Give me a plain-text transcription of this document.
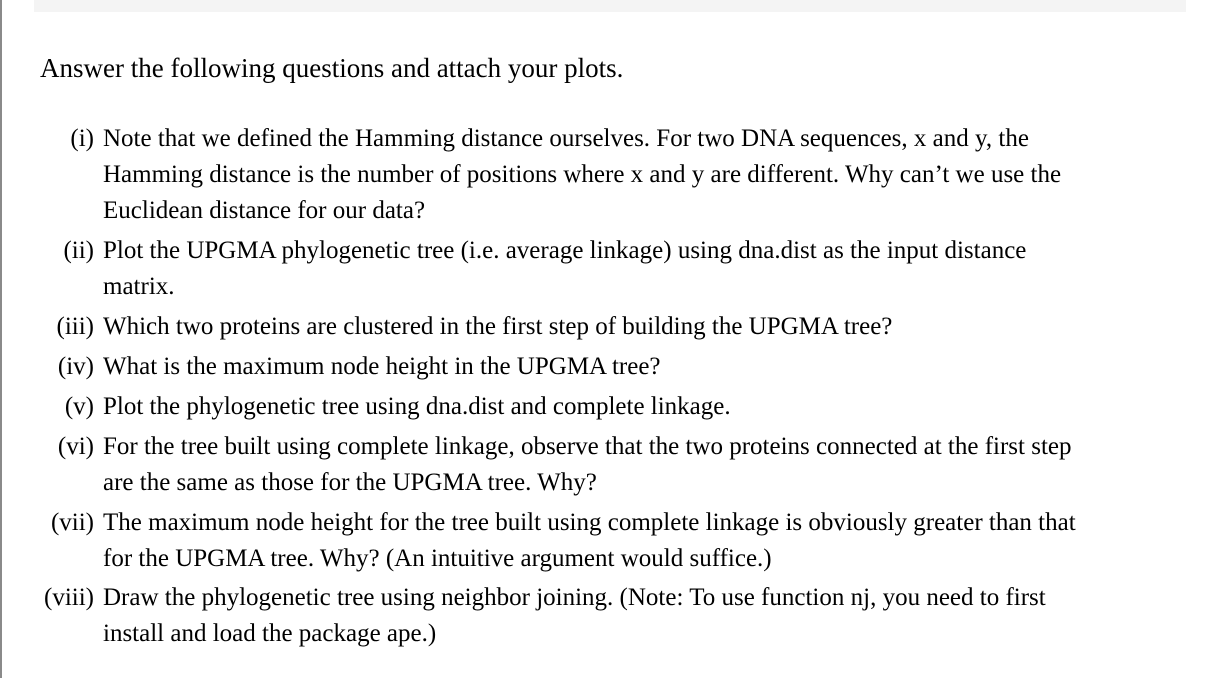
Answer the following questions and attach your plots.
(i) Note that we defined the Hamming distance ourselves. For two DNA sequences, x and y, the
Hamming distance is the number of positions where x and y are different. Why can’t we use the
Euclidean distance for our data?
(ii) Plot the UPGMA phylogenetic tree (i.e. average linkage) using dna.dist as the input distance
matrix.
(iii) Which two proteins are clustered in the first step of building the UPGMA tree?
(iv) What is the maximum node height in the UPGMA tree?
(v) Plot the phylogenetic tree using dna.dist and complete linkage.
(vi) For the tree built using complete linkage, observe that the two proteins connected at the first step
are the same as those for the UPGMA tree. Why?
(vii) The maximum node height for the tree built using complete linkage is obviously greater than that
for the UPGMA tree. Why? (An intuitive argument would suffice.)
(viii) Draw the phylogenetic tree using neighbor joining. (Note: To use function nj, you need to first
install and load the package ape.)
